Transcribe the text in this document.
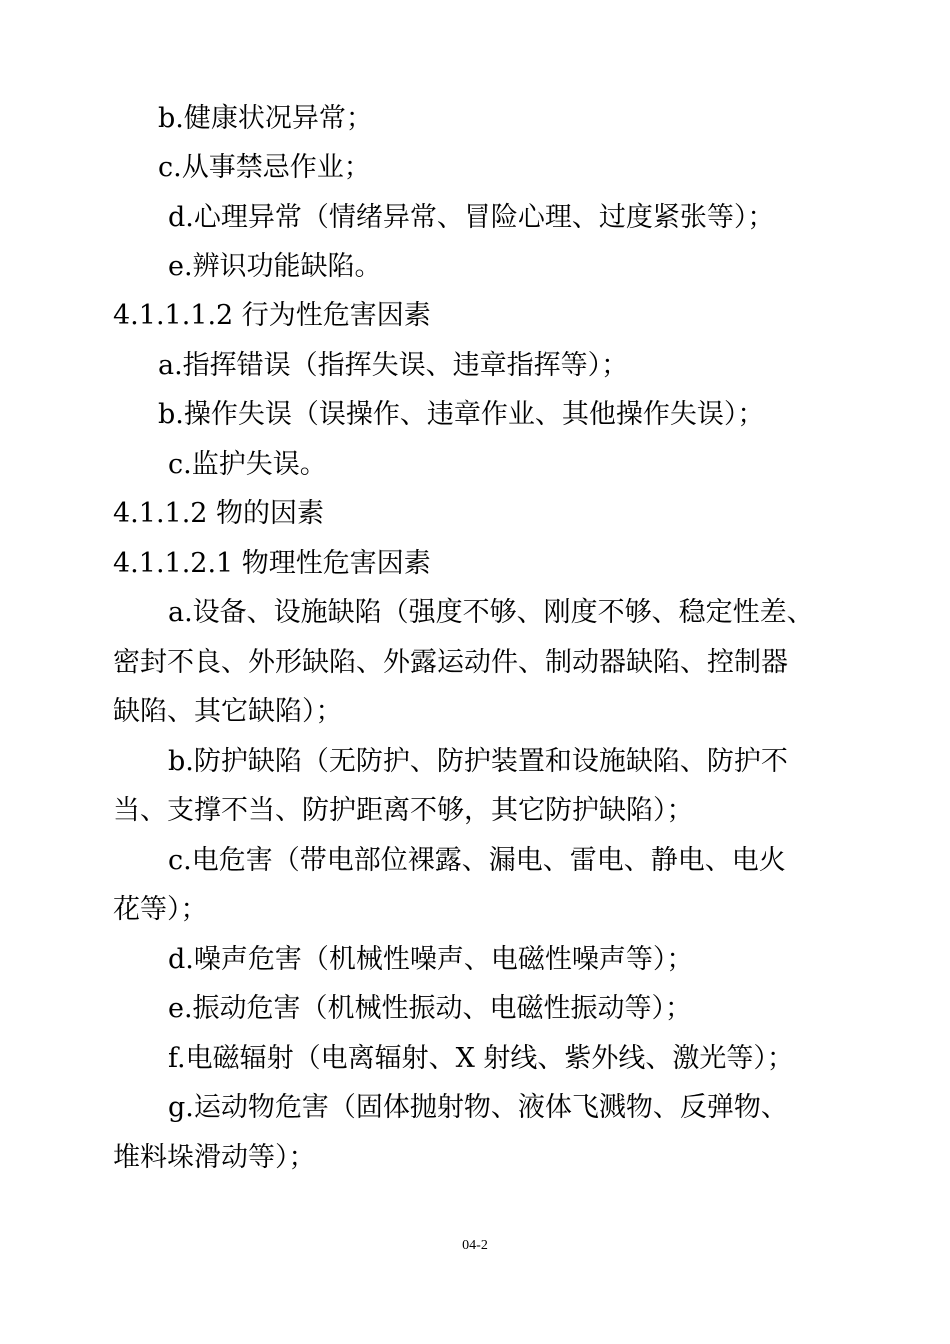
b.健康状况异常；
c.从事禁忌作业；
d.心理异常（情绪异常、冒险心理、过度紧张等）；
e.辨识功能缺陷。
4.1.1.1.2 行为性危害因素
a.指挥错误（指挥失误、违章指挥等）；
b.操作失误（误操作、违章作业、其他操作失误）；
c.监护失误。
4.1.1.2 物的因素
4.1.1.2.1 物理性危害因素
a.设备、设施缺陷（强度不够、刚度不够、稳定性差、
密封不良、外形缺陷、外露运动件、制动器缺陷、控制器
缺陷、其它缺陷）；
b.防护缺陷（无防护、防护装置和设施缺陷、防护不
当、支撑不当、防护距离不够，其它防护缺陷）；
c.电危害（带电部位裸露、漏电、雷电、静电、电火
花等）；
d.噪声危害（机械性噪声、电磁性噪声等）；
e.振动危害（机械性振动、电磁性振动等）；
f.电磁辐射（电离辐射、X 射线、紫外线、激光等）；
g.运动物危害（固体抛射物、液体飞溅物、反弹物、
堆料垛滑动等）；
04-2
